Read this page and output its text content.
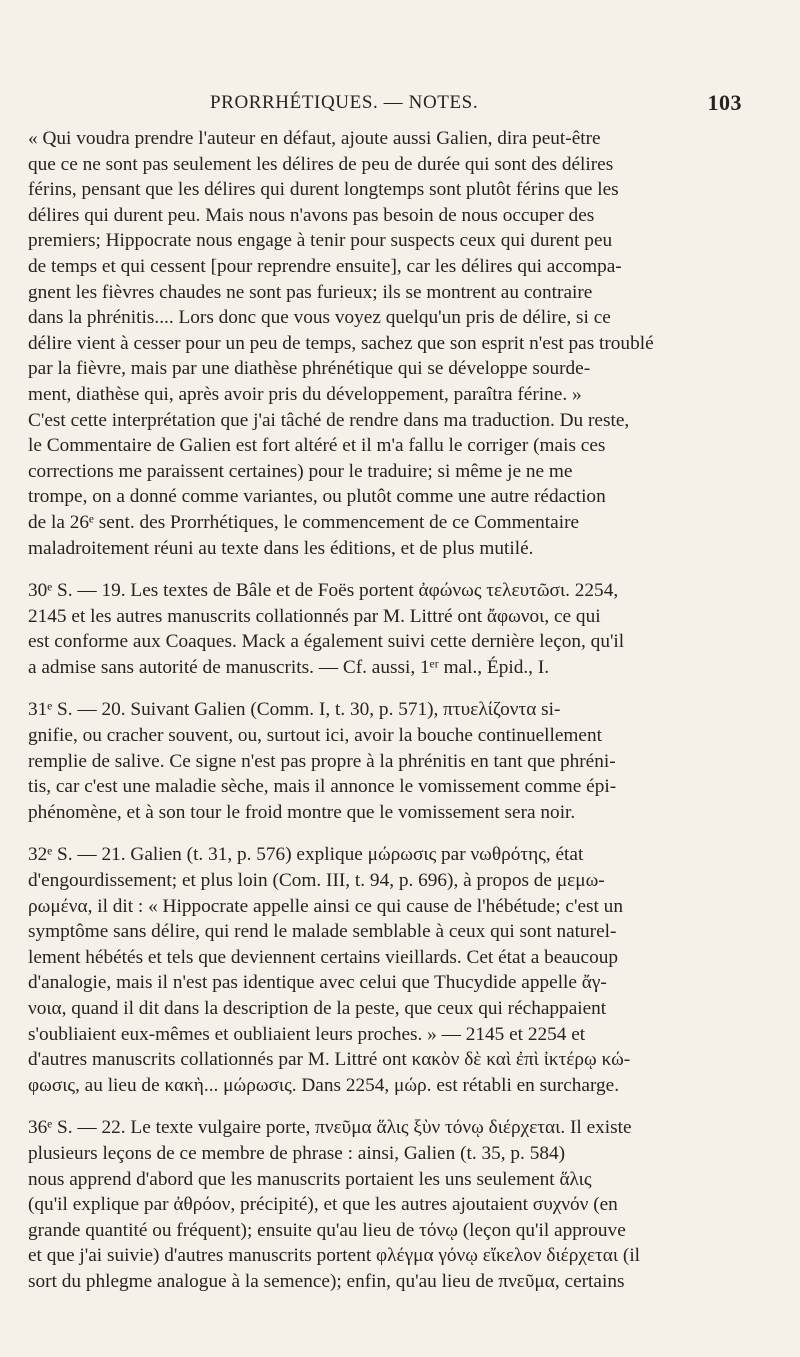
PRORRHÉTIQUES. — NOTES.	103

« Qui voudra prendre l'auteur en défaut, ajoute aussi Galien, dira peut-être
que ce ne sont pas seulement les délires de peu de durée qui sont des délires
férins, pensant que les délires qui durent longtemps sont plutôt férins que les
délires qui durent peu. Mais nous n'avons pas besoin de nous occuper des
premiers; Hippocrate nous engage à tenir pour suspects ceux qui durent peu
de temps et qui cessent [pour reprendre ensuite], car les délires qui accompa-
gnent les fièvres chaudes ne sont pas furieux; ils se montrent au contraire
dans la phrénitis.... Lors donc que vous voyez quelqu'un pris de délire, si ce
délire vient à cesser pour un peu de temps, sachez que son esprit n'est pas troublé
par la fièvre, mais par une diathèse phrénétique qui se développe sourde-
ment, diathèse qui, après avoir pris du développement, paraîtra férine. »
C'est cette interprétation que j'ai tâché de rendre dans ma traduction. Du reste,
le Commentaire de Galien est fort altéré et il m'a fallu le corriger (mais ces
corrections me paraissent certaines) pour le traduire; si même je ne me
trompe, on a donné comme variantes, ou plutôt comme une autre rédaction
de la 26ᵉ sent. des Prorrhétiques, le commencement de ce Commentaire
maladroitement réuni au texte dans les éditions, et de plus mutilé.

30ᵉ S. — 19. Les textes de Bâle et de Foës portent ἀφώνως τελευτῶσι. 2254,
2145 et les autres manuscrits collationnés par M. Littré ont ἄφωνοι, ce qui
est conforme aux Coaques. Mack a également suivi cette dernière leçon, qu'il
a admise sans autorité de manuscrits. — Cf. aussi, 1ᵉʳ mal., Épid., I.

31ᵉ S. — 20. Suivant Galien (Comm. I, t. 30, p. 571), πτυελίζοντα si-
gnifie, ou cracher souvent, ou, surtout ici, avoir la bouche continuellement
remplie de salive. Ce signe n'est pas propre à la phrénitis en tant que phréni-
tis, car c'est une maladie sèche, mais il annonce le vomissement comme épi-
phénomène, et à son tour le froid montre que le vomissement sera noir.

32ᵉ S. — 21. Galien (t. 31, p. 576) explique μώρωσις par νωθρότης, état
d'engourdissement; et plus loin (Com. III, t. 94, p. 696), à propos de μεμω-
ρωμένα, il dit : « Hippocrate appelle ainsi ce qui cause de l'hébétude; c'est un
symptôme sans délire, qui rend le malade semblable à ceux qui sont naturel-
lement hébétés et tels que deviennent certains vieillards. Cet état a beaucoup
d'analogie, mais il n'est pas identique avec celui que Thucydide appelle ἄγ-
νοια, quand il dit dans la description de la peste, que ceux qui réchappaient
s'oubliaient eux-mêmes et oubliaient leurs proches. » — 2145 et 2254 et
d'autres manuscrits collationnés par M. Littré ont κακὸν δὲ καὶ ἐπὶ ἰκτέρῳ κώ-
φωσις, au lieu de κακὴ... μώρωσις. Dans 2254, μώρ. est rétabli en surcharge.

36ᵉ S. — 22. Le texte vulgaire porte, πνεῦμα ἅλις ξὺν τόνῳ διέρχεται. Il existe
plusieurs leçons de ce membre de phrase : ainsi, Galien (t. 35, p. 584)
nous apprend d'abord que les manuscrits portaient les uns seulement ἅλις
(qu'il explique par ἀθρόον, précipité), et que les autres ajoutaient συχνόν (en
grande quantité ou fréquent); ensuite qu'au lieu de τόνῳ (leçon qu'il approuve
et que j'ai suivie) d'autres manuscrits portent φλέγμα γόνῳ εἴκελον διέρχεται (il
sort du phlegme analogue à la semence); enfin, qu'au lieu de πνεῦμα, certains
